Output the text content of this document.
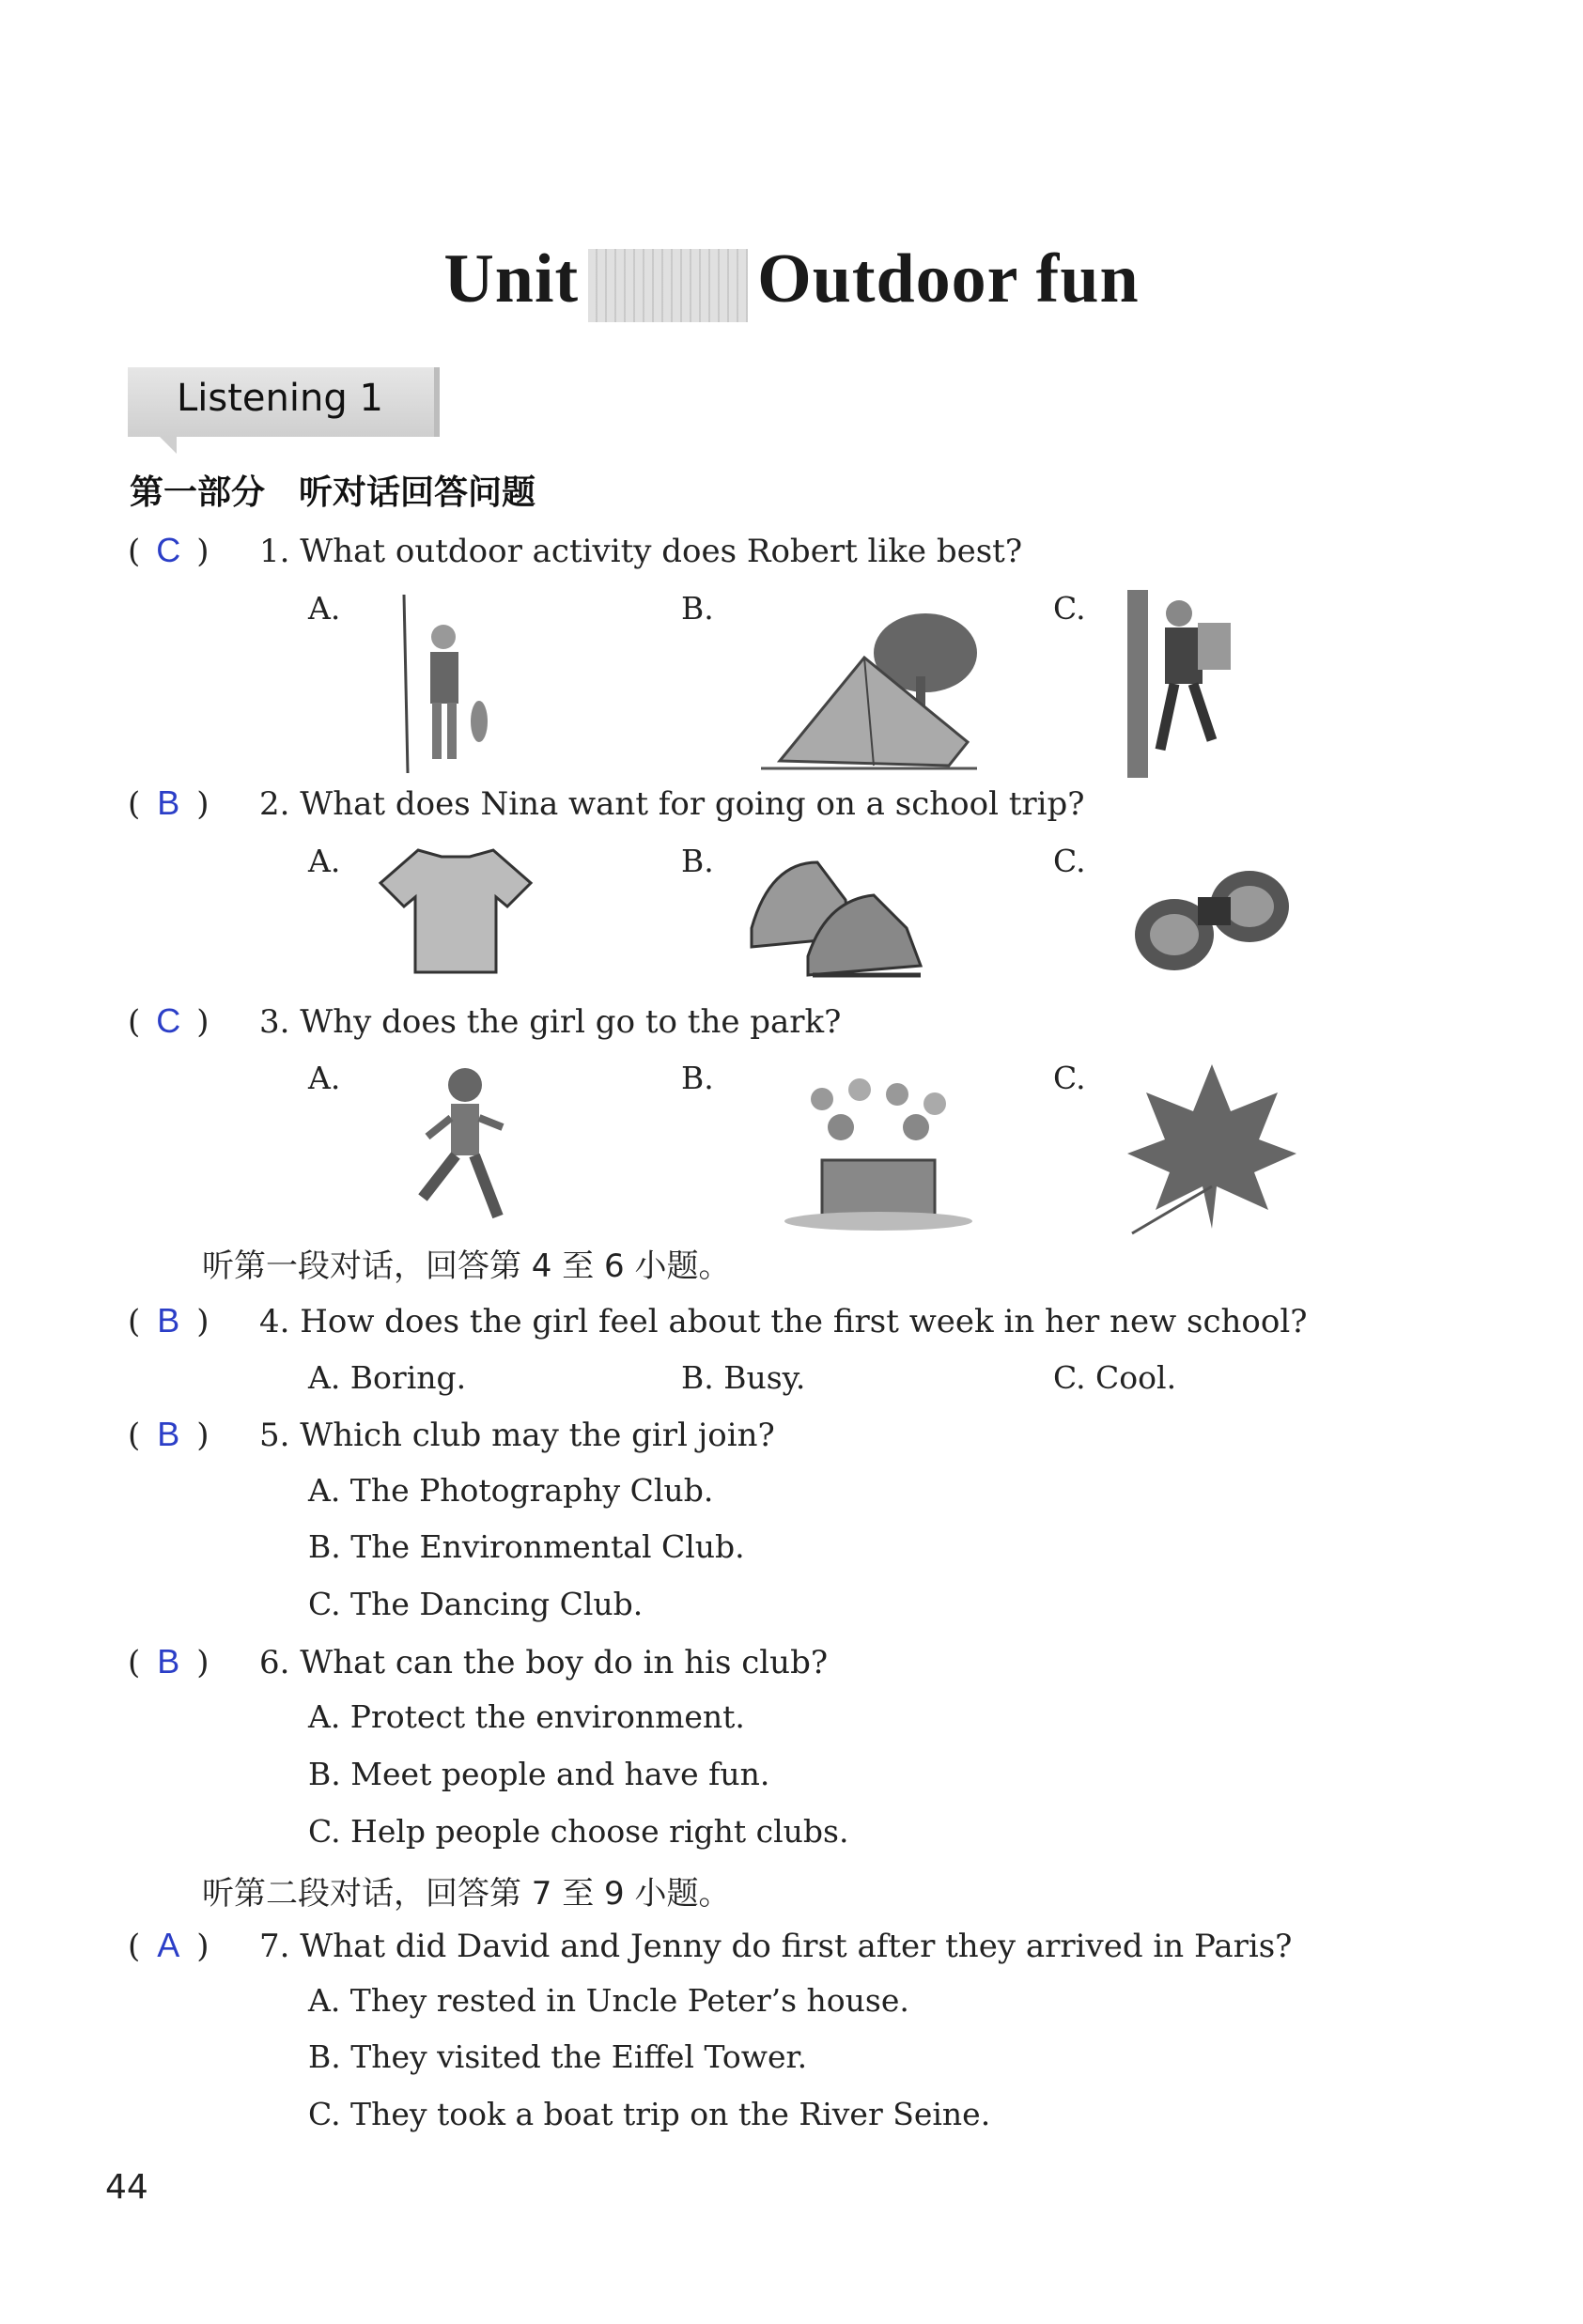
Unit	Outdoor fun
Listening 1
第一部分　听对话回答问题
( C ) 1. What outdoor activity does Robert like best?
A.	B.	C.
( B ) 2. What does Nina want for going on a school trip?
A.	B.	C.
( C ) 3. Why does the girl go to the park?
A.	B.	C.
听第一段对话，回答第 4 至 6 小题。
( B ) 4. How does the girl feel about the first week in her new school?
A. Boring.	B. Busy.	C. Cool.
( B ) 5. Which club may the girl join?
A. The Photography Club.
B. The Environmental Club.
C. The Dancing Club.
( B ) 6. What can the boy do in his club?
A. Protect the environment.
B. Meet people and have fun.
C. Help people choose right clubs.
听第二段对话，回答第 7 至 9 小题。
( A ) 7. What did David and Jenny do first after they arrived in Paris?
A. They rested in Uncle Peter’s house.
B. They visited the Eiffel Tower.
C. They took a boat trip on the River Seine.
44
